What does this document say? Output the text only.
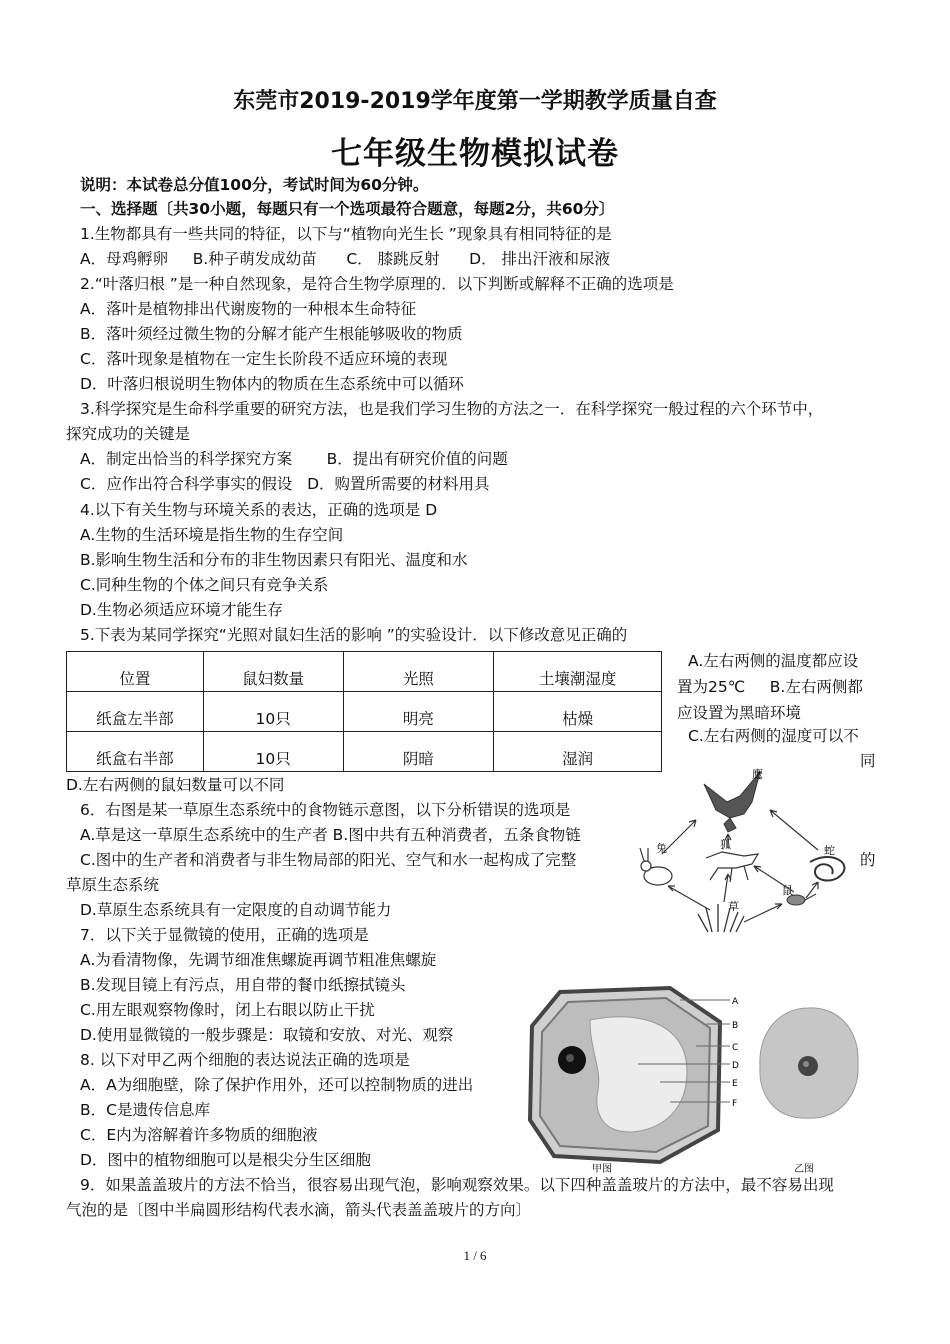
东莞市2019-2019学年度第一学期教学质量自查
七年级生物模拟试卷
说明：本试卷总分值100分，考试时间为60分钟。
一、选择题〔共30小题，每题只有一个选项最符合题意，每题2分，共60分〕
1.生物都具有一些共同的特征，以下与“植物向光生长 ”现象具有相同特征的是
A．母鸡孵卵     B.种子萌发成幼苗      C． 膝跳反射      D． 排出汗液和尿液
2.“叶落归根 ”是一种自然现象，是符合生物学原理的．以下判断或解释不正确的选项是
A．落叶是植物排出代谢废物的一种根本生命特征
B．落叶须经过微生物的分解才能产生根能够吸收的物质
C．落叶现象是植物在一定生长阶段不适应环境的表现
D．叶落归根说明生物体内的物质在生态系统中可以循环
3.科学探究是生命科学重要的研究方法，也是我们学习生物的方法之一．在科学探究一般过程的六个环节中，
探究成功的关键是
A．制定出恰当的科学探究方案       B．提出有研究价值的问题
C．应作出符合科学事实的假设   D．购置所需要的材料用具
4.以下有关生物与环境关系的表达，正确的选项是 D
A.生物的生活环境是指生物的生存空间
B.影响生物生活和分布的非生物因素只有阳光、温度和水
C.同种生物的个体之间只有竞争关系
D.生物必须适应环境才能生存
5.下表为某同学探究“光照对鼠妇生活的影响 ”的实验设计．以下修改意见正确的
位置	鼠妇数量	光照	土壤潮湿度
纸盒左半部	10只	明亮	枯燥
纸盒右半部	10只	阴暗	湿润
A.左右两侧的温度都应设
置为25℃     B.左右两侧都
应设置为黑暗环境
C.左右两侧的湿度可以不
同
D.左右两侧的鼠妇数量可以不同
6．右图是某一草原生态系统中的食物链示意图，以下分析错误的选项是
A.草是这一草原生态系统中的生产者 B.图中共有五种消费者，五条食物链
C.图中的生产者和消费者与非生物局部的阳光、空气和水一起构成了完整	的
草原生态系统
D.草原生态系统具有一定限度的自动调节能力
鹰
兔	狐	蛇
鼠
草
7．以下关于显微镜的使用，正确的选项是
A.为看清物像，先调节细准焦螺旋再调节粗准焦螺旋
B.发现目镜上有污点，用自带的餐巾纸擦拭镜头
C.用左眼观察物像时，闭上右眼以防止干扰
D.使用显微镜的一般步骤是：取镜和安放、对光、观察
8. 以下对甲乙两个细胞的表达说法正确的选项是
A．A为细胞壁，除了保护作用外，还可以控制物质的进出
B．C是遗传信息库
C．E内为溶解着许多物质的细胞液
D．图中的植物细胞可以是根尖分生区细胞
A
B
C
D
E
F
甲图	乙图
9．如果盖盖玻片的方法不恰当，很容易出现气泡，影响观察效果。以下四种盖盖玻片的方法中，最不容易出现
气泡的是〔图中半扁圆形结构代表水滴，箭头代表盖盖玻片的方向〕
1 / 6
